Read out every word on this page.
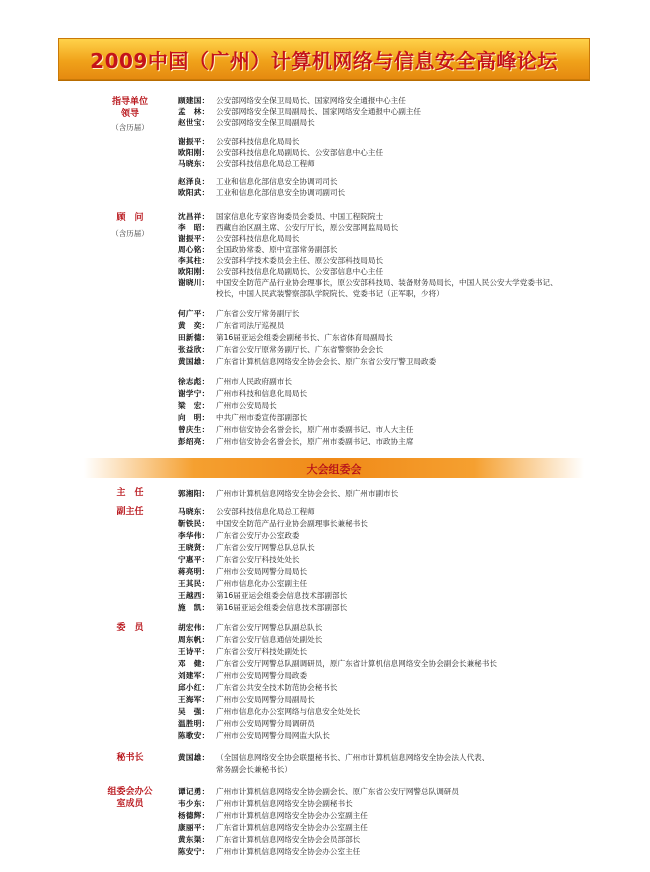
2009中国（广州）计算机网络与信息安全高峰论坛
指导单位
领导
（含历届）
顾建国： 公安部网络安全保卫局局长、国家网络安全通报中心主任
孟　林： 公安部网络安全保卫局副局长、国家网络安全通报中心副主任
赵世宝： 公安部网络安全保卫局副局长
谢振平： 公安部科技信息化局局长
欧阳刚： 公安部科技信息化局副局长、公安部信息中心主任
马晓东： 公安部科技信息化局总工程师
赵泽良： 工业和信息化部信息安全协调司司长
欧阳武： 工业和信息化部信息安全协调司副司长
顾　问
（含历届）
沈昌祥： 国家信息化专家咨询委员会委员、中国工程院院士
李　昭： 西藏自治区副主席、公安厅厅长，原公安部网监局局长
谢振平： 公安部科技信息化局局长
周心铭： 全国政协常委、原中宣部常务副部长
李其柱： 公安部科学技术委员会主任、原公安部科技局局长
欧阳刚： 公安部科技信息化局副局长、公安部信息中心主任
谢晓川： 中国安全防范产品行业协会理事长，原公安部科技局、装备财务局局长，中国人民公安大学党委书记、
校长，中国人民武装警察部队学院院长、党委书记（正军职，少将）
何广平： 广东省公安厅常务副厅长
黄　奕： 广东省司法厅巡视员
田新德： 第16届亚运会组委会副秘书长、广东省体育局副局长
张益欣： 广东省公安厅原常务副厅长、广东省警察协会会长
黄国雄： 广东省计算机信息网络安全协会会长、原广东省公安厅警卫局政委
徐志彪： 广州市人民政府副市长
谢学宁： 广州市科技和信息化局局长
梁　宏： 广州市公安局局长
向　明： 中共广州市委宣传部副部长
曾庆生： 广州市信安协会名誉会长，原广州市委副书记、市人大主任
彭绍亮： 广州市信安协会名誉会长，原广州市委副书记、市政协主席
大会组委会
主　任	郭湘阳： 广州市计算机信息网络安全协会会长、原广州市副市长
副主任	马晓东： 公安部科技信息化局总工程师
靳铁民： 中国安全防范产品行业协会副理事长兼秘书长
李华伟： 广东省公安厅办公室政委
王晓贤： 广东省公安厅网警总队总队长
宁惠平： 广东省公安厅科技处处长
蒋亮明： 广州市公安局网警分局局长
王其民： 广州市信息化办公室副主任
王越西： 第16届亚运会组委会信息技术部副部长
施　凯： 第16届亚运会组委会信息技术部副部长
委　员	胡宏伟： 广东省公安厅网警总队副总队长
周东帆： 广东省公安厅信息通信处副处长
王诗平： 广东省公安厅科技处副处长
邓　健： 广东省公安厅网警总队副调研员，原广东省计算机信息网络安全协会副会长兼秘书长
刘建军： 广州市公安局网警分局政委
邱小红： 广东省公共安全技术防范协会秘书长
王海军： 广州市公安局网警分局副局长
吴　强： 广州市信息化办公室网络与信息安全处处长
温胜明： 广州市公安局网警分局调研员
陈歌安： 广州市公安局网警分局网监大队长
秘书长	黄国雄： （全国信息网络安全协会联盟秘书长、广州市计算机信息网络安全协会法人代表、
常务副会长兼秘书长）
组委会办公
室成员
谭记勇： 广州市计算机信息网络安全协会副会长、原广东省公安厅网警总队调研员
韦少东： 广州市计算机信息网络安全协会副秘书长
杨德辉： 广州市计算机信息网络安全协会办公室副主任
康丽平： 广东省计算机信息网络安全协会办公室副主任
黄东渠： 广东省计算机信息网络安全协会会员部部长
陈安宁： 广州市计算机信息网络安全协会办公室主任
